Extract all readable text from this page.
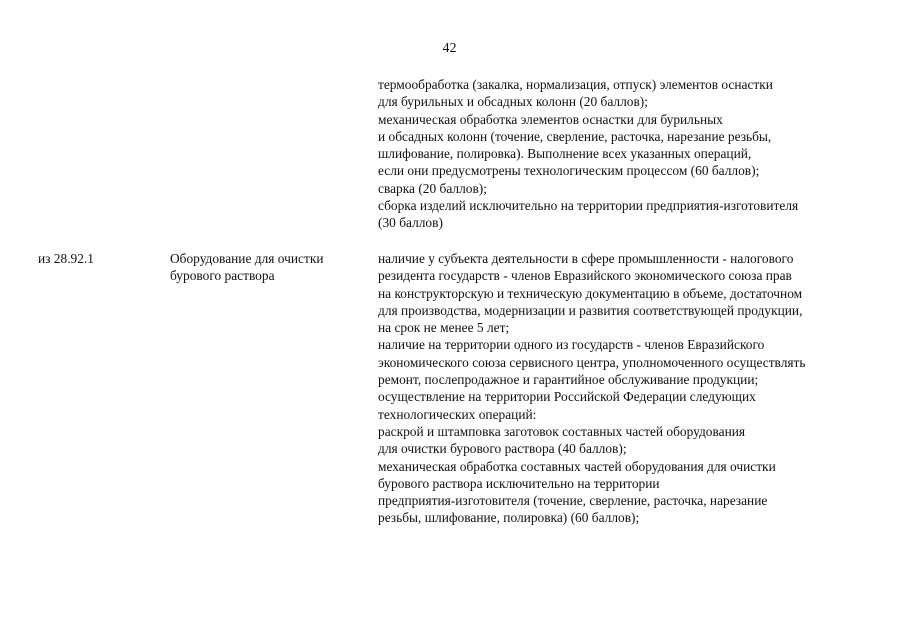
42
термообработка (закалка, нормализация, отпуск) элементов оснастки
для бурильных и обсадных колонн (20 баллов);
механическая обработка элементов оснастки для бурильных
и обсадных колонн (точение, сверление, расточка, нарезание резьбы,
шлифование, полировка). Выполнение всех указанных операций,
если они предусмотрены технологическим процессом (60 баллов);
сварка (20 баллов);
сборка изделий исключительно на территории предприятия-изготовителя
(30 баллов)
из 28.92.1	Оборудование для очистки
бурового раствора
наличие у субъекта деятельности в сфере промышленности - налогового
резидента государств - членов Евразийского экономического союза прав
на конструкторскую и техническую документацию в объеме, достаточном
для производства, модернизации и развития соответствующей продукции,
на срок не менее 5 лет;
наличие на территории одного из государств - членов Евразийского
экономического союза сервисного центра, уполномоченного осуществлять
ремонт, послепродажное и гарантийное обслуживание продукции;
осуществление на территории Российской Федерации следующих
технологических операций:
раскрой и штамповка заготовок составных частей оборудования
для очистки бурового раствора (40 баллов);
механическая обработка составных частей оборудования для очистки
бурового раствора исключительно на территории
предприятия-изготовителя (точение, сверление, расточка, нарезание
резьбы, шлифование, полировка) (60 баллов);
